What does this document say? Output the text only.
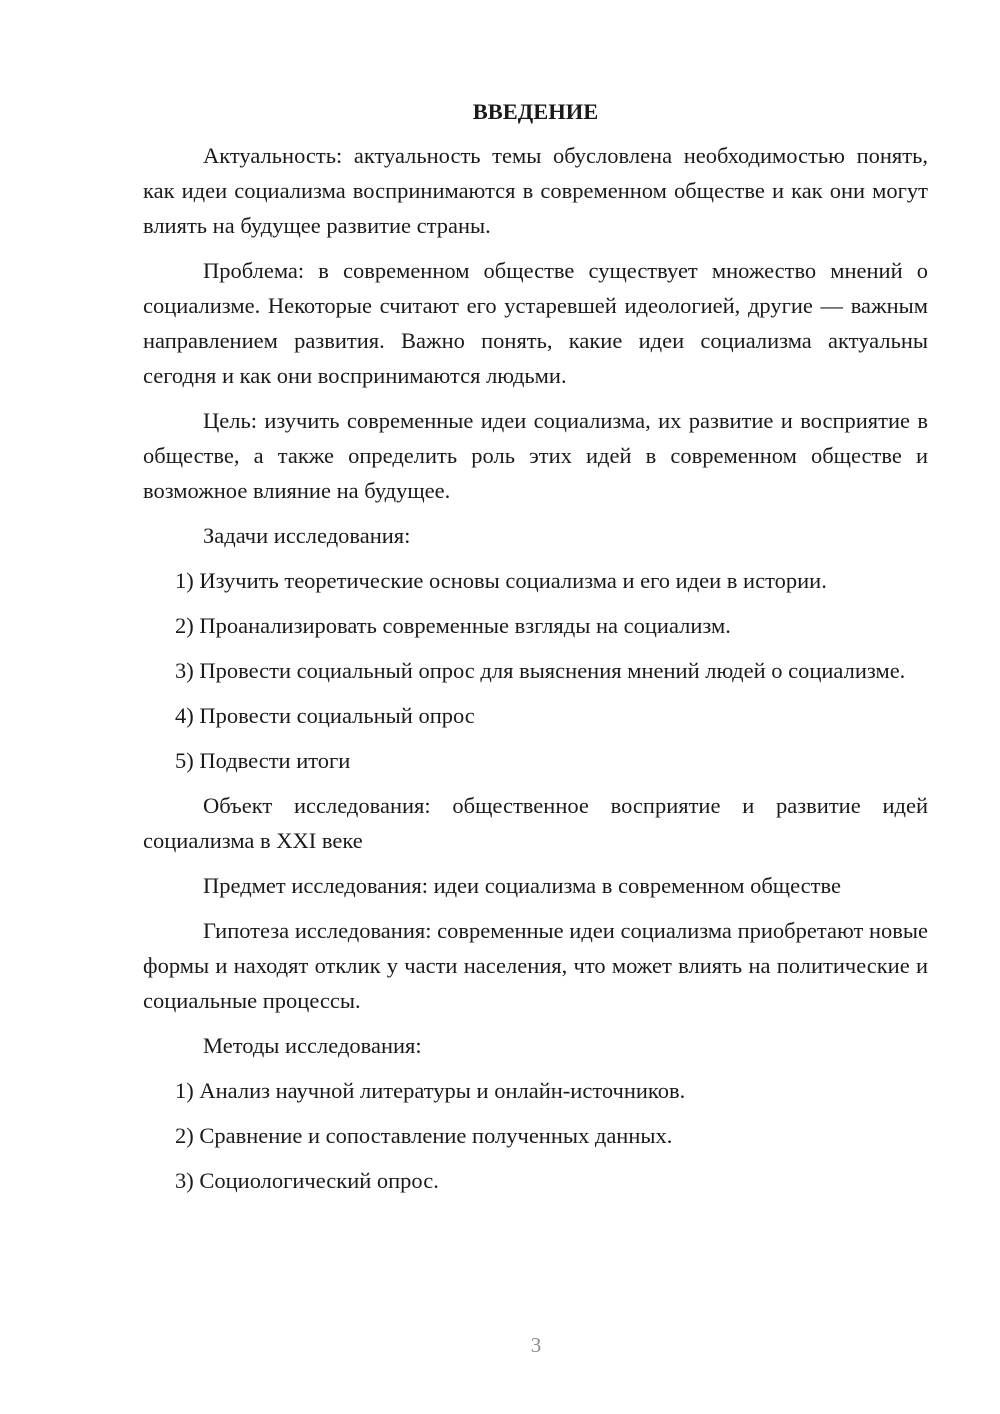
ВВЕДЕНИЕ

Актуальность: актуальность темы обусловлена необходимостью понять, как идеи социализма воспринимаются в современном обществе и как они могут влиять на будущее развитие страны.

Проблема: в современном обществе существует множество мнений о социализме. Некоторые считают его устаревшей идеологией, другие — важным направлением развития. Важно понять, какие идеи социализма актуальны сегодня и как они воспринимаются людьми.

Цель: изучить современные идеи социализма, их развитие и восприятие в обществе, а также определить роль этих идей в современном обществе и возможное влияние на будущее.

Задачи исследования:

1) Изучить теоретические основы социализма и его идеи в истории.

2) Проанализировать современные взгляды на социализм.

3) Провести социальный опрос для выяснения мнений людей о социализме.

4) Провести социальный опрос

5) Подвести итоги

Объект исследования: общественное восприятие и развитие идей социализма в XXI веке

Предмет исследования: идеи социализма в современном обществе

Гипотеза исследования: современные идеи социализма приобретают новые формы и находят отклик у части населения, что может влиять на политические и социальные процессы.

Методы исследования:

1) Анализ научной литературы и онлайн-источников.

2) Сравнение и сопоставление полученных данных.

3) Социологический опрос.

3
